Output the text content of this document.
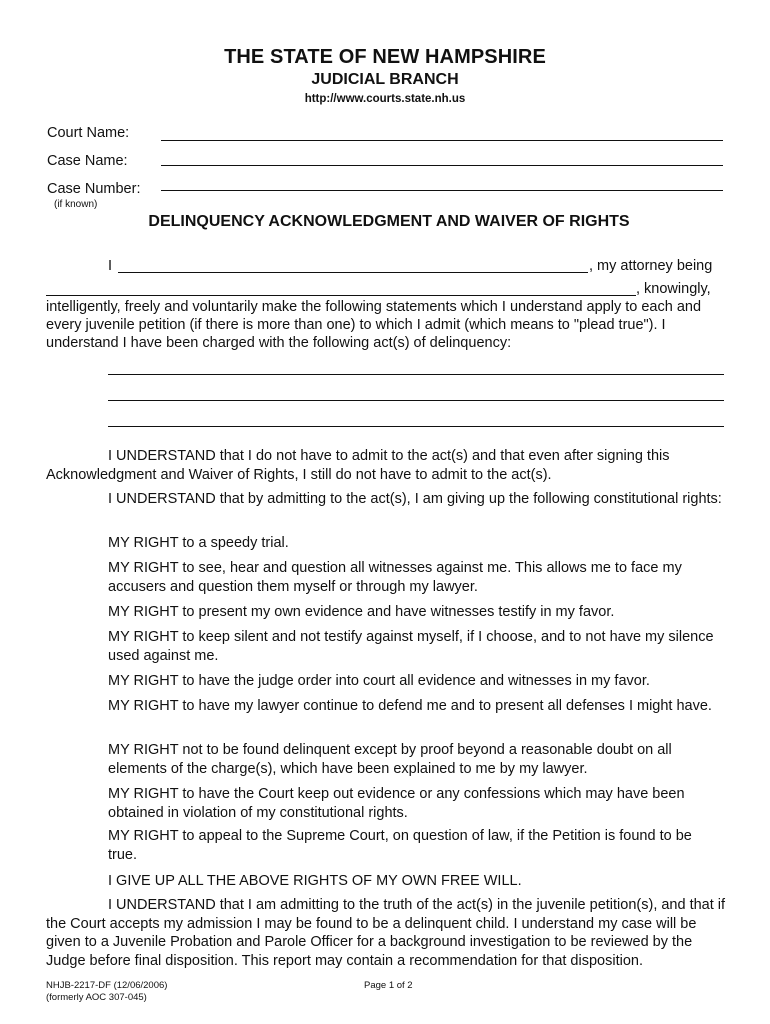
THE STATE OF NEW HAMPSHIRE
JUDICIAL BRANCH
http://www.courts.state.nh.us
Court Name:
Case Name:
Case Number:
(if known)
DELINQUENCY ACKNOWLEDGMENT AND WAIVER OF RIGHTS
I	, my attorney being
, knowingly,
intelligently, freely and voluntarily make the following statements which I understand apply to each and
every juvenile petition (if there is more than one) to which I admit (which means to "plead true"). I
understand I have been charged with the following act(s) of delinquency:
I UNDERSTAND that I do not have to admit to the act(s) and that even after signing this Acknowledgment and Waiver of Rights, I still do not have to admit to the act(s).
I UNDERSTAND that by admitting to the act(s), I am giving up the following constitutional rights:
MY RIGHT to a speedy trial.
MY RIGHT to see, hear and question all witnesses against me. This allows me to face my accusers and question them myself or through my lawyer.
MY RIGHT to present my own evidence and have witnesses testify in my favor.
MY RIGHT to keep silent and not testify against myself, if I choose, and to not have my silence used against me.
MY RIGHT to have the judge order into court all evidence and witnesses in my favor.
MY RIGHT to have my lawyer continue to defend me and to present all defenses I might have.
MY RIGHT not to be found delinquent except by proof beyond a reasonable doubt on all elements of the charge(s), which have been explained to me by my lawyer.
MY RIGHT to have the Court keep out evidence or any confessions which may have been obtained in violation of my constitutional rights.
MY RIGHT to appeal to the Supreme Court, on question of law, if the Petition is found to be true.
I GIVE UP ALL THE ABOVE RIGHTS OF MY OWN FREE WILL.
I UNDERSTAND that I am admitting to the truth of the act(s) in the juvenile petition(s), and that if the Court accepts my admission I may be found to be a delinquent child. I understand my case will be given to a Juvenile Probation and Parole Officer for a background investigation to be reviewed by the Judge before final disposition. This report may contain a recommendation for that disposition.
NHJB-2217-DF (12/06/2006)
(formerly AOC 307-045)
Page 1 of 2
